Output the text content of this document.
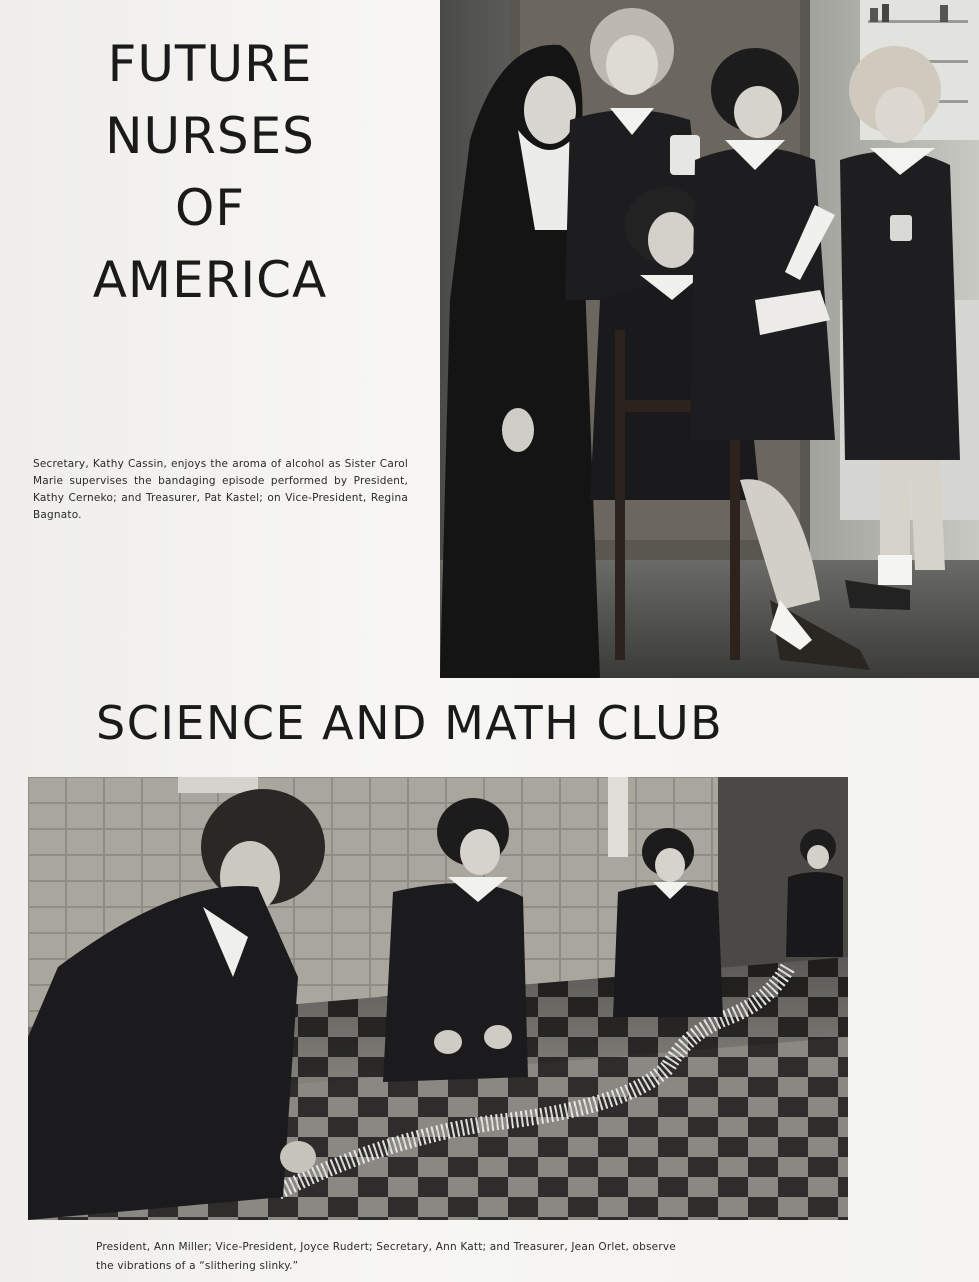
FUTURE
NURSES
OF
AMERICA

Secretary, Kathy Cassin, enjoys the aroma of alcohol as Sister Carol Marie supervises the bandaging episode performed by President, Kathy Cerneko; and Treasurer, Pat Kastel; on Vice-President, Regina Bagnato.

SCIENCE AND MATH CLUB
President, Ann Miller; Vice-President, Joyce Rudert; Secretary, Ann Katt; and Treasurer, Jean Orlet, observe
the vibrations of a “slithering slinky.”
